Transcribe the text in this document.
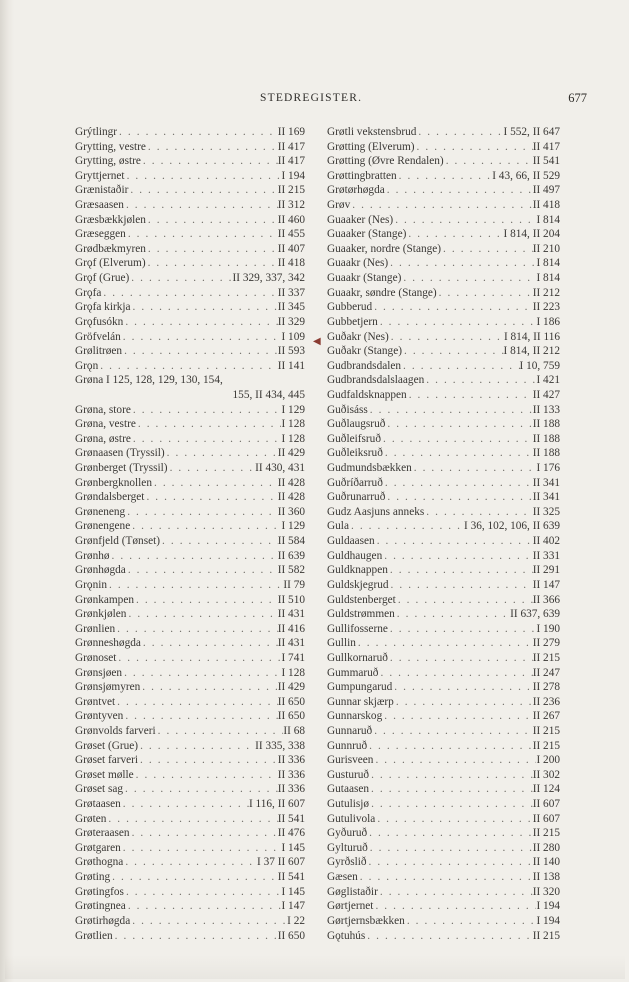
STEDREGISTER.	677
Grýtlingr . . .	II 169
Grytting, vestre . . .	II 417
Grytting, østre . . .	II 417
Gryttjernet . . .	I 194
Grænistaðir . . .	II 215
Græsaasen . . .	II 312
Græsbækkjølen . . .	II 460
Græseggen . . .	II 455
Grødbækmyren . . .	II 407
Grǫf (Elverum) . . .	II 418
Grǫf (Grue) . . .	II 329, 337, 342
Grǫfa . . .	II 337
Grǫfa kirkja . . .	II 345
Grǫfusókn . . .	II 329
Gröfvelán . . .	I 109
Grølitrøen . . .	II 593
Grǫn . . .	II 141
Grøna I 125, 128, 129, 130, 154,
155, II 434, 445
Grøna, store . . .	I 129
Grøna, vestre . . .	I 128
Grøna, østre . . .	I 128
Grønaasen (Tryssil) . . .	II 429
Grønberget (Tryssil) . . .	II 430, 431
Grønbergknollen . . .	II 428
Grøndalsberget . . .	II 428
Grøneneng . . .	II 360
Grønengene . . .	I 129
Grønfjeld (Tønset) . . .	II 584
Grønhø . . .	II 639
Grønhøgda . . .	II 582
Grǫnin . . .	II 79
Grønkampen . . .	II 510
Grønkjølen . . .	II 431
Grønlien . . .	II 416
Grønneshøgda . . .	II 431
Grønoset . . .	I 741
Grønsjøen . . .	I 128
Grønsjømyren . . .	II 429
Grøntvet . . .	II 650
Grøntyven . . .	II 650
Grønvolds farveri . . .	II 68
Grøset (Grue) . . .	II 335, 338
Grøset farveri . . .	II 336
Grøset mølle . . .	II 336
Grøset sag . . .	II 336
Grøtaasen . . .	I 116, II 607
Grøten . . .	II 541
Grøteraasen . . .	II 476
Grøtgaren . . .	I 145
Grøthogna . . .	I 37 II 607
Grøting . . .	II 541
Grøtingfos . . .	I 145
Grøtingnea . . .	I 147
Grøtirhøgda . . .	I 22
Grøtlien . . .	II 650
Grøtli vekstensbrud . . .	I 552, II 647
Grøtting (Elverum) . . .	II 417
Grøtting (Øvre Rendalen) . . .	II 541
Grøttingbratten . . .	I 43, 66, II 529
Grøtørhøgda . . .	II 497
Grøv . . .	II 418
Guaaker (Nes) . . .	I 814
Guaaker (Stange) . . .	I 814, II 204
Guaaker, nordre (Stange) . . .	II 210
Guaakr (Nes) . . .	I 814
Guaakr (Stange) . . .	I 814
Guaakr, søndre (Stange) . . .	II 212
Gubberud . . .	II 223
Gubbetjern . . .	I 186
Guðakr (Nes) . . .	I 814, II 116
Guðakr (Stange) . . .	I 814, II 212
Gudbrandsdalen . . .	I 10, 759
Gudbrandsdalslaagen . . .	I 421
Gudfaldsknappen . . .	II 427
Guðisáss . . .	II 133
Guðlaugsruð . . .	II 188
Guðleifsruð . . .	II 188
Guðleiksruð . . .	II 188
Gudmundsbækken . . .	I 176
Guðríðarruð . . .	II 341
Guðrunarruð . . .	II 341
Gudz Aasjuns anneks . . .	II 325
Gula . . .	I 36, 102, 106, II 639
Guldaasen . . .	II 402
Guldhaugen . . .	II 331
Guldknappen . . .	II 291
Guldskjegrud . . .	II 147
Guldstenberget . . .	II 366
Guldstrømmen . . .	II 637, 639
Gullifosserne . . .	I 190
Gullin . . .	II 279
Gullkornaruð . . .	II 215
Gummaruð . . .	II 247
Gumpungarud . . .	II 278
Gunnar skjærp . . .	II 236
Gunnarskog . . .	II 267
Gunnaruð . . .	II 215
Gunnruð . . .	II 215
Gurisveen . . .	I 200
Gusturuð . . .	II 302
Gutaasen . . .	II 124
Gutulisjø . . .	II 607
Gutulivola . . .	II 607
Gyðuruð . . .	II 215
Gylturuð . . .	II 280
Gyrðslið . . .	II 140
Gæsen . . .	II 138
Gøglistaðir . . .	II 320
Gørtjernet . . .	I 194
Gørtjernsbækken . . .	I 194
Gǫtuhús . . .	II 215
◀
